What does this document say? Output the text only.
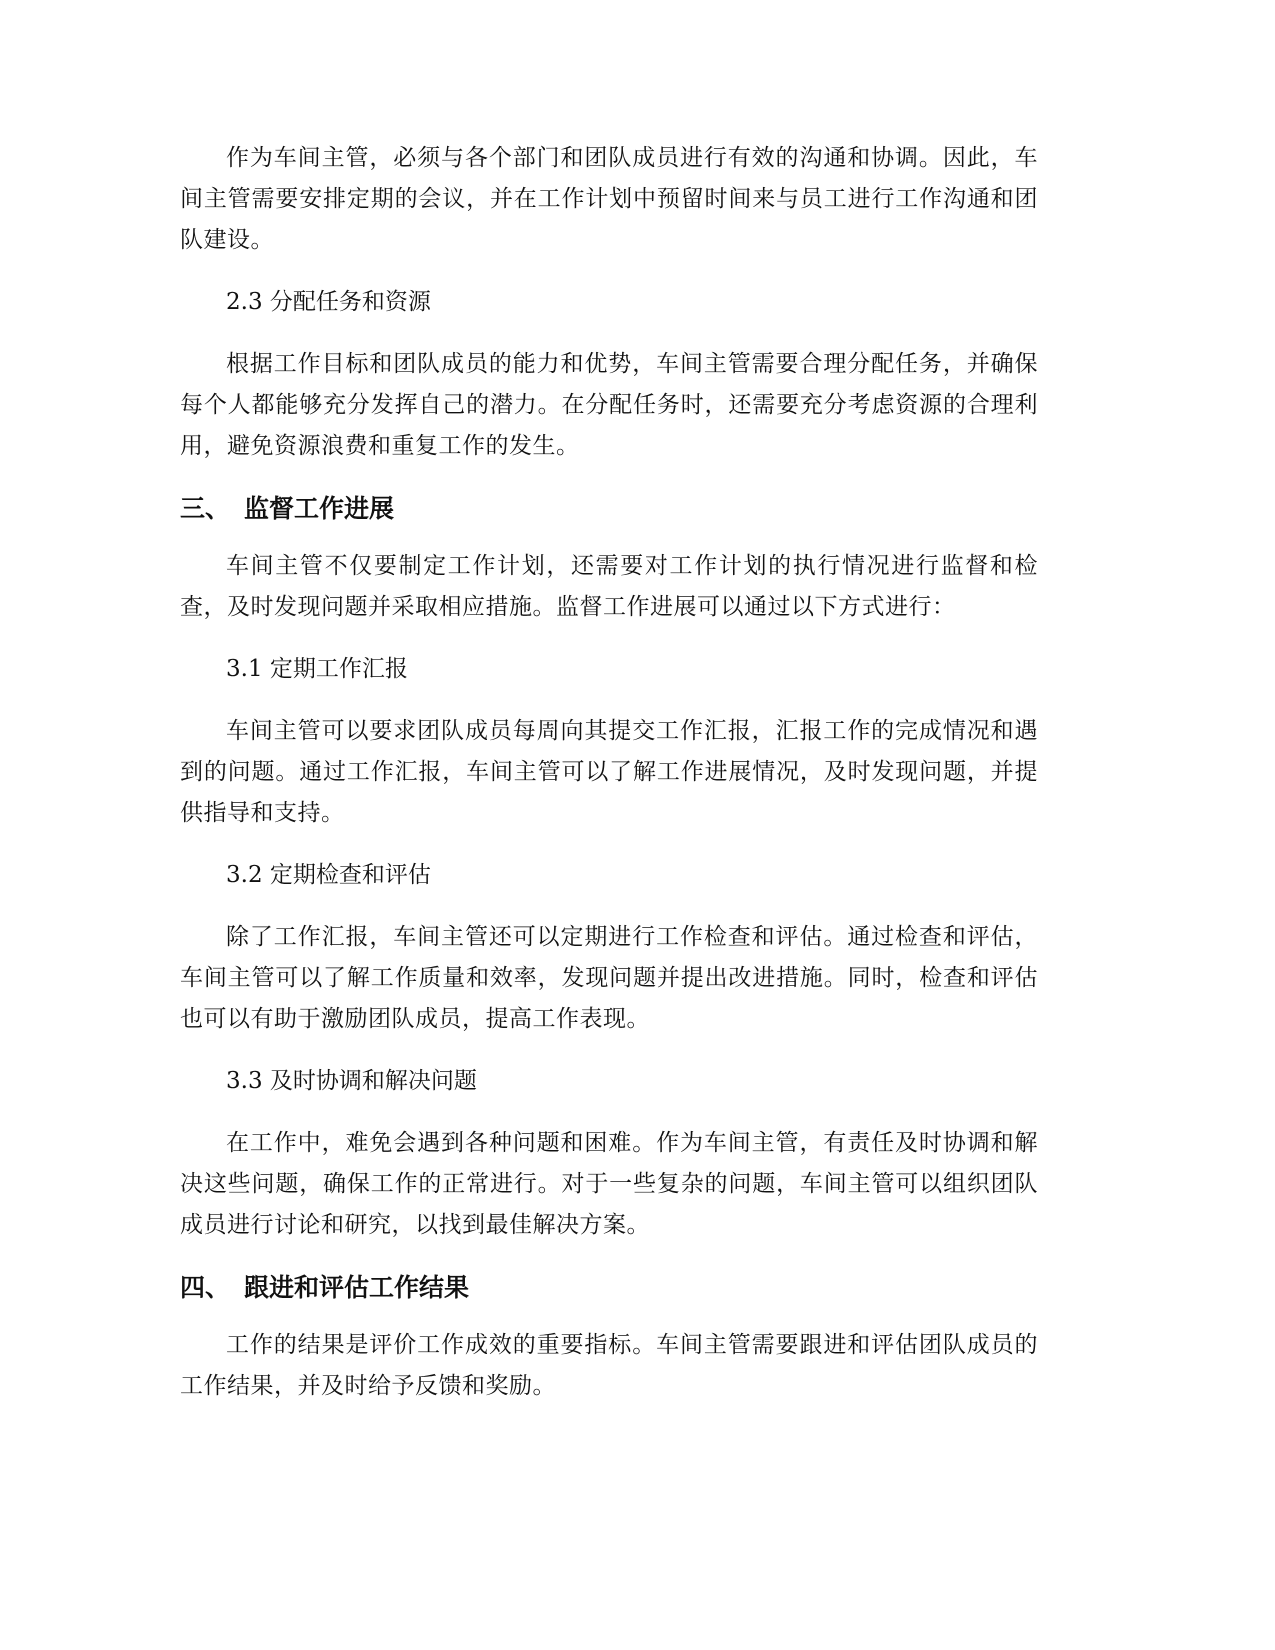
作为车间主管，必须与各个部门和团队成员进行有效的沟通和协调。因此，车间主管需要安排定期的会议，并在工作计划中预留时间来与员工进行工作沟通和团队建设。

2.3 分配任务和资源

根据工作目标和团队成员的能力和优势，车间主管需要合理分配任务，并确保每个人都能够充分发挥自己的潜力。在分配任务时，还需要充分考虑资源的合理利用，避免资源浪费和重复工作的发生。

三、 监督工作进展

车间主管不仅要制定工作计划，还需要对工作计划的执行情况进行监督和检查，及时发现问题并采取相应措施。监督工作进展可以通过以下方式进行：

3.1 定期工作汇报

车间主管可以要求团队成员每周向其提交工作汇报，汇报工作的完成情况和遇到的问题。通过工作汇报，车间主管可以了解工作进展情况，及时发现问题，并提供指导和支持。

3.2 定期检查和评估

除了工作汇报，车间主管还可以定期进行工作检查和评估。通过检查和评估，车间主管可以了解工作质量和效率，发现问题并提出改进措施。同时，检查和评估也可以有助于激励团队成员，提高工作表现。

3.3 及时协调和解决问题

在工作中，难免会遇到各种问题和困难。作为车间主管，有责任及时协调和解决这些问题，确保工作的正常进行。对于一些复杂的问题，车间主管可以组织团队成员进行讨论和研究，以找到最佳解决方案。

四、 跟进和评估工作结果

工作的结果是评价工作成效的重要指标。车间主管需要跟进和评估团队成员的工作结果，并及时给予反馈和奖励。
